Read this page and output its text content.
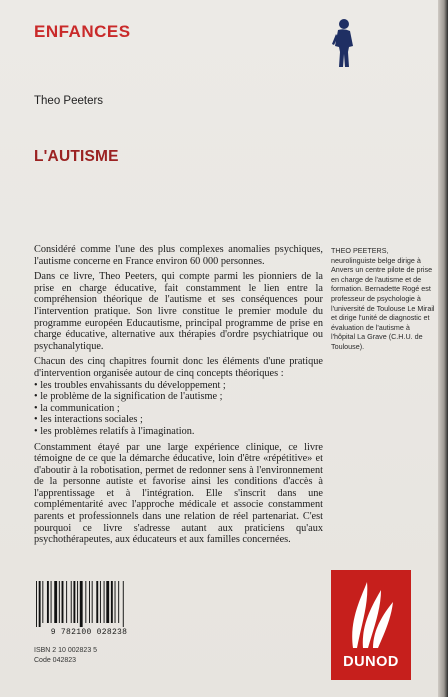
ENFANCES
Theo Peeters
L'AUTISME

Considéré comme l'une des plus complexes anomalies psychiques, l'autisme concerne en France environ 60 000 personnes.

Dans ce livre, Theo Peeters, qui compte parmi les pionniers de la prise en charge éducative, fait constamment le lien entre la compréhension théorique de l'autisme et ses conséquences pour l'intervention pratique. Son livre constitue le premier module du programme européen Educautisme, principal programme de prise en charge éducative, alternative aux thérapies d'ordre psychiatrique ou psychanalytique.

Chacun des cinq chapitres fournit donc les éléments d'une pratique d'intervention organisée autour de cinq concepts théoriques :

• les troubles envahissants du développement ;
• le problème de la signification de l'autisme ;
• la communication ;
• les interactions sociales ;
• les problèmes relatifs à l'imagination.

Constamment étayé par une large expérience clinique, ce livre témoigne de ce que la démarche éducative, loin d'être «répétitive» et d'aboutir à la robotisation, permet de redonner sens à l'environnement de la personne autiste et favorise ainsi les conditions d'accès à l'apprentissage et à l'intégration. Elle s'inscrit dans une complémentarité avec l'approche médicale et associe constamment parents et professionnels dans une relation de réel partenariat. C'est pourquoi ce livre s'adresse autant aux praticiens qu'aux psychothérapeutes, aux éducateurs et aux familles concernées.

THEO PEETERS,
neurolinguiste belge dirige à Anvers un centre pilote de prise en charge de l'autisme et de formation. Bernadette Rogé est professeur de psychologie à l'université de Toulouse Le Mirail et dirige l'unité de diagnostic et évaluation de l'autisme à l'hôpital La Grave (C.H.U. de Toulouse).
9 782100 028238
ISBN 2 10 002823 5
Code 042823	DUNOD
